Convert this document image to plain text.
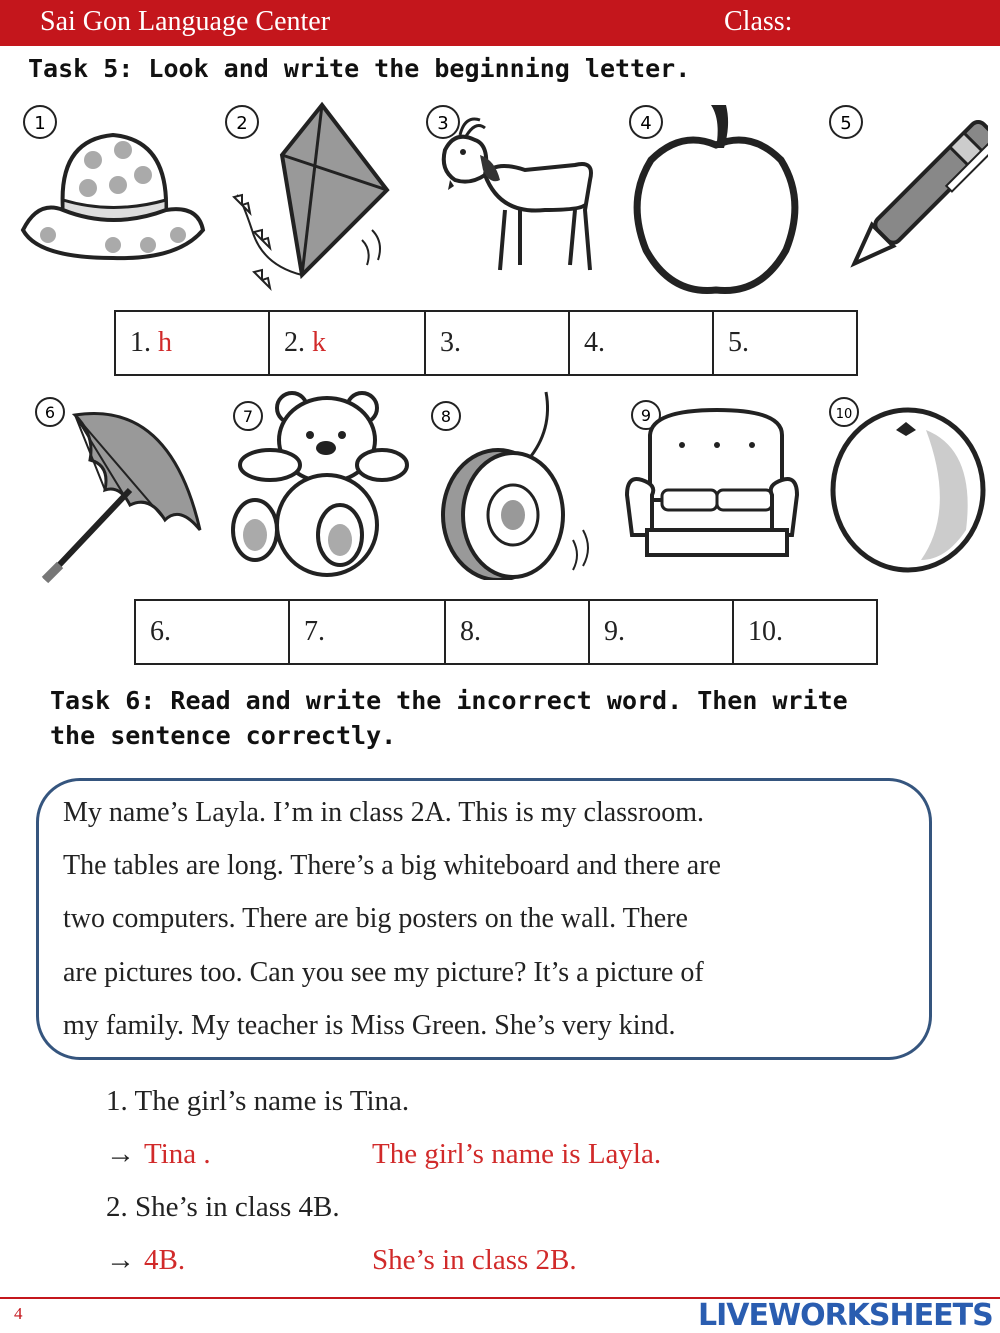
Sai Gon Language Center	Class:
Task 5: Look and write the beginning letter.
1	2	3	4	5
1. h	2. k	3.	4.	5.
6	7	8	9	10
6.	7.	8.	9.	10.
Task 6: Read and write the incorrect word. Then write
the sentence correctly.

My name’s Layla. I’m in class 2A. This is my classroom.

The tables are long. There’s a big whiteboard and there are

two computers. There are big posters on the wall. There

are pictures too. Can you see my picture? It’s a picture of

my family. My teacher is Miss Green. She’s very kind.

1. The girl’s name is Tina.
→ Tina .	The girl’s name is Layla.
2. She’s in class 4B.
→ 4B.	She’s in class 2B.
4	LIVEWORKSHEETS
